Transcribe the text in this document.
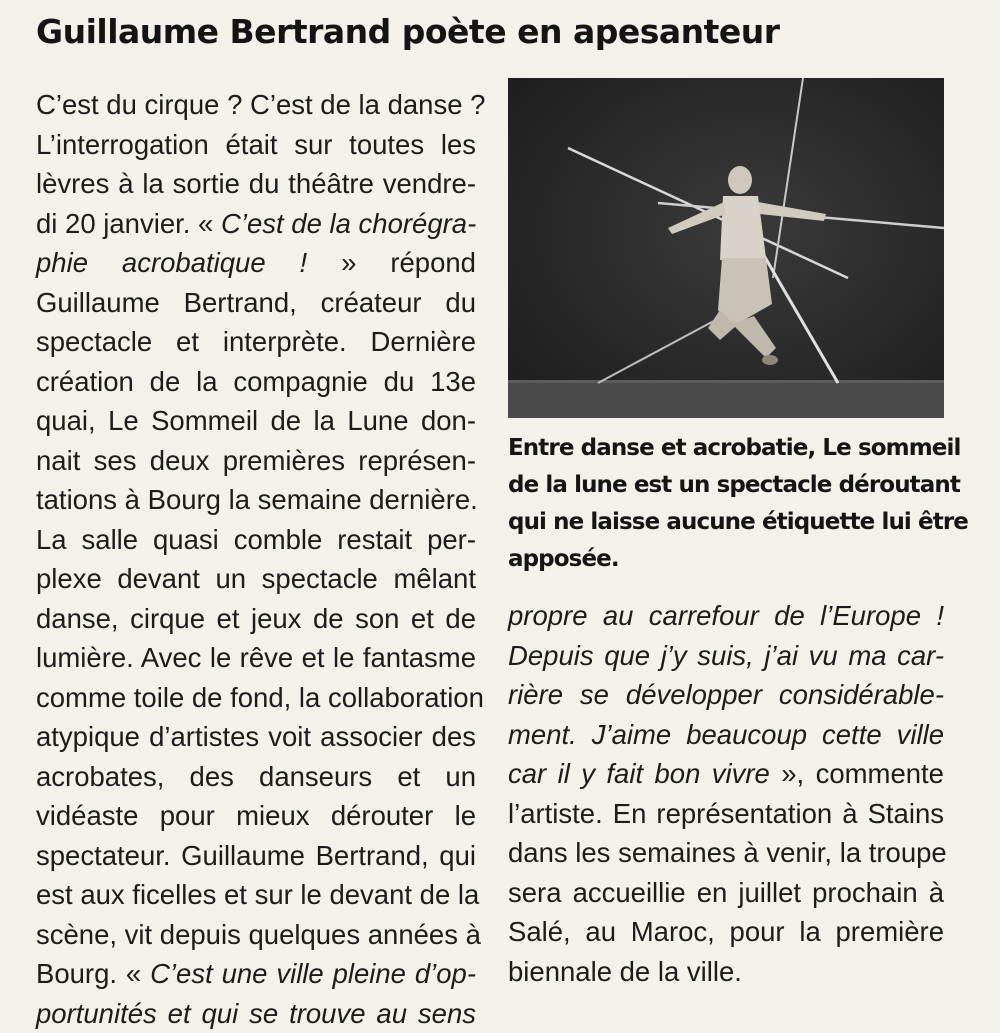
Guillaume Bertrand poète en apesanteur
C’est du cirque ? C’est de la danse ?
L’interrogation était sur toutes les
lèvres à la sortie du théâtre vendre-
di 20 janvier. « C’est de la chorégra-
phie acrobatique ! » répond
Guillaume Bertrand, créateur du
spectacle et interprète. Dernière
création de la compagnie du 13e
quai, Le Sommeil de la Lune don-
nait ses deux premières représen-
tations à Bourg la semaine dernière.
La salle quasi comble restait per-
plexe devant un spectacle mêlant
danse, cirque et jeux de son et de
lumière. Avec le rêve et le fantasme
comme toile de fond, la collaboration
atypique d’artistes voit associer des
acrobates, des danseurs et un
vidéaste pour mieux dérouter le
spectateur. Guillaume Bertrand, qui
est aux ficelles et sur le devant de la
scène, vit depuis quelques années à
Bourg. « C’est une ville pleine d’op-
portunités et qui se trouve au sens
Entre danse et acrobatie, Le sommeil
de la lune est un spectacle déroutant
qui ne laisse aucune étiquette lui être
apposée.
propre au carrefour de l’Europe !
Depuis que j’y suis, j’ai vu ma car-
rière se développer considérable-
ment. J’aime beaucoup cette ville
car il y fait bon vivre », commente
l’artiste. En représentation à Stains
dans les semaines à venir, la troupe
sera accueillie en juillet prochain à
Salé, au Maroc, pour la première
biennale de la ville.
